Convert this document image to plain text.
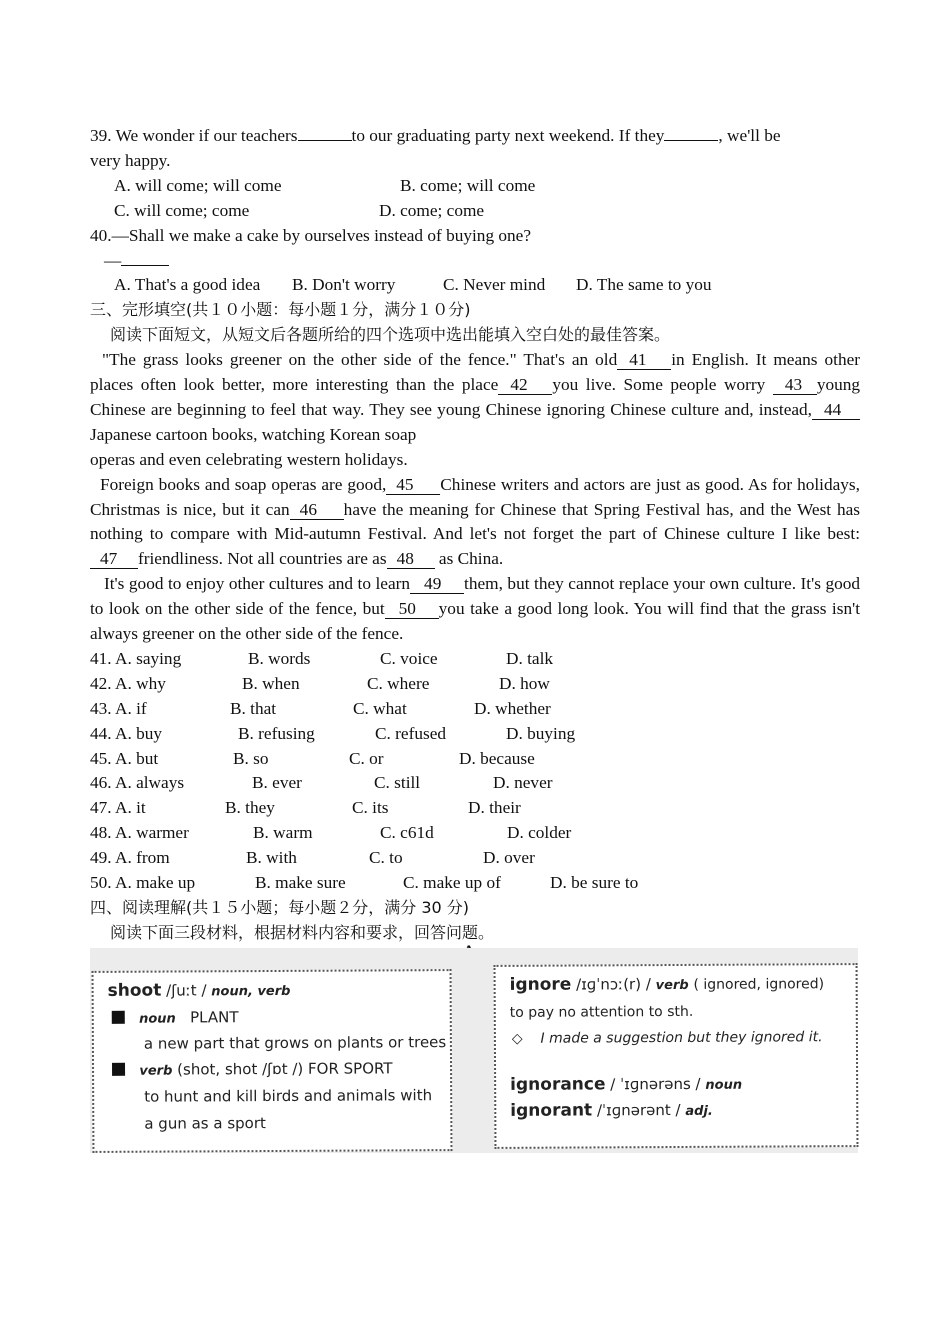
39. We wonder if our teachers	to our graduating party next weekend. If they	, we'll be

very happy.

A. will come; will come	B. come; will come
C. will come; come	D. come; come

40.—Shall we make a cake by ourselves instead of buying one?

—

A. That's a good idea B. Don't worry	C. Never mind D. The same to you

三、完形填空(共１０小题：每小题１分，满分１０分)

阅读下面短文，从短文后各题所给的四个选项中选出能填入空白处的最佳答案。

"The grass looks greener on the other side of the fence." That's an old 41 in English. It means other places often look better, more interesting than the place 42 you live. Some people worry 43 young Chinese are beginning to feel that way. They see young Chinese ignoring Chinese culture and, instead, 44Japanese cartoon books, watching Korean soap

operas and even celebrating western holidays.

Foreign books and soap operas are good, 45 Chinese writers and actors are just as good. As for holidays, Christmas is nice, but it can 46 have the meaning for Chinese that Spring Festival has, and the West has nothing to compare with Mid-autumn Festival. And let's not forget the part of Chinese culture I like best:47 friendliness. Not all countries are as 48 as China.

It's good to enjoy other cultures and to learn 49 them, but they cannot replace your own culture. It's good to look on the other side of the fence, but 50 you take a good long look. You will find that the grass isn't always greener on the other side of the fence.

41. A. saying	B. words	C. voice	D. talk
42. A. why	B. when	C. where	D. how
43. A. if	B. that	C. what	D. whether
44. A. buy	B. refusing	C. refused	D. buying
45. A. but	B. so	C. or	D. because
46. A. always	B. ever	C. still	D. never
47. A. it	B. they	C. its	D. their
48. A. warmer	B. warm	C. c61d	D. colder
49. A. from	B. with	C. to	D. over
50. A. make up	B. make sure	C. make up of	D. be sure to

四、阅读理解(共１５小题；每小题２分，满分 30 分)

阅读下面三段材料，根据材料内容和要求，回答问题。

shoot /ʃuːt / noun, verb
noun PLANT
a new part that grows on plants or trees
verb (shot, shot /ʃɒt /) FOR SPORT
to hunt and kill birds and animals with
a gun as a sport
ignore /ɪɡˈnɔː(r) / verb ( ignored, ignored)
to pay no attention to sth.
◇ I made a suggestion but they ignored it.
ignorance / ˈɪɡnərəns / noun
ignorant /ˈɪɡnərənt / adj.
